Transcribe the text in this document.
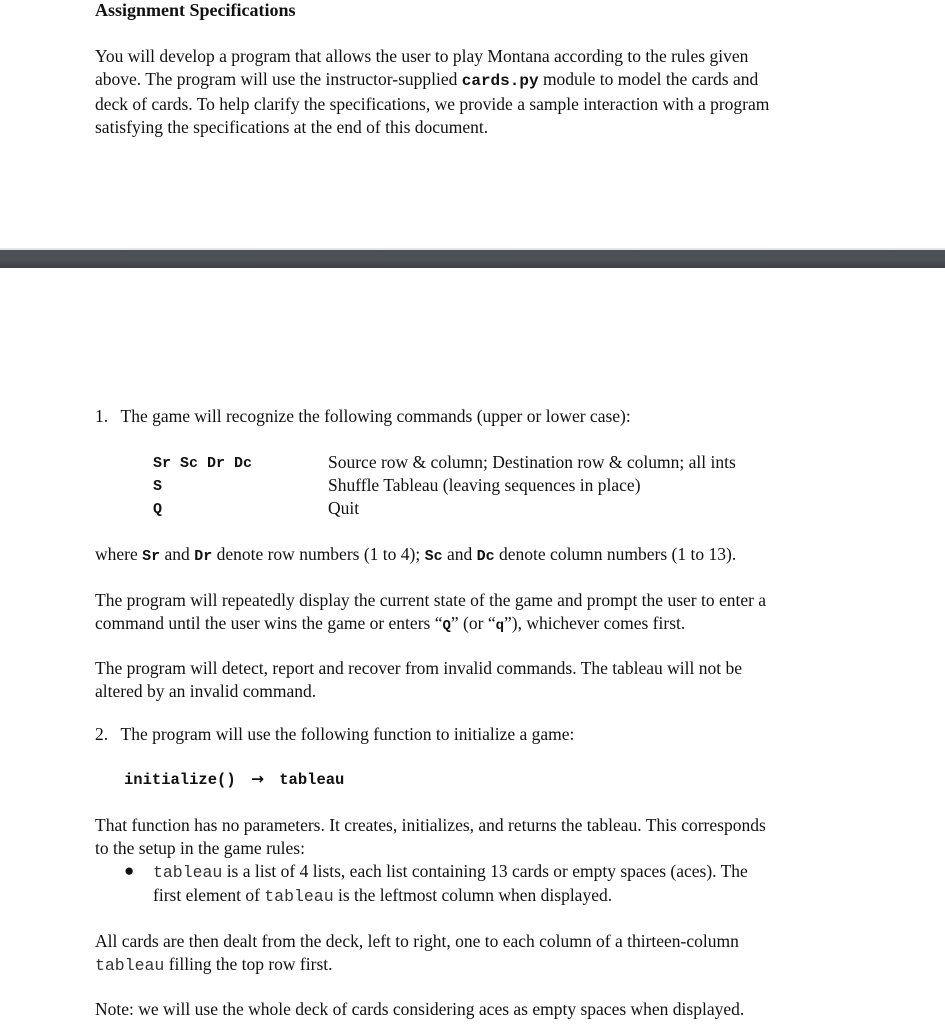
Assignment Specifications
You will develop a program that allows the user to play Montana according to the rules given
above. The program will use the instructor-supplied cards.py module to model the cards and
deck of cards. To help clarify the specifications, we provide a sample interaction with a program
satisfying the specifications at the end of this document.
1. The game will recognize the following commands (upper or lower case):
Sr Sc Dr Dc	Source row & column; Destination row & column; all ints
S	Shuffle Tableau (leaving sequences in place)
Q	Quit
where Sr and Dr denote row numbers (1 to 4); Sc and Dc denote column numbers (1 to 13).
The program will repeatedly display the current state of the game and prompt the user to enter a
command until the user wins the game or enters “Q” (or “q”), whichever comes first.
The program will detect, report and recover from invalid commands. The tableau will not be
altered by an invalid command.
2. The program will use the following function to initialize a game:
initialize() → tableau
That function has no parameters. It creates, initializes, and returns the tableau. This corresponds
to the setup in the game rules:
● tableau is a list of 4 lists, each list containing 13 cards or empty spaces (aces). The
first element of tableau is the leftmost column when displayed.
All cards are then dealt from the deck, left to right, one to each column of a thirteen-column
tableau filling the top row first.
Note: we will use the whole deck of cards considering aces as empty spaces when displayed.
